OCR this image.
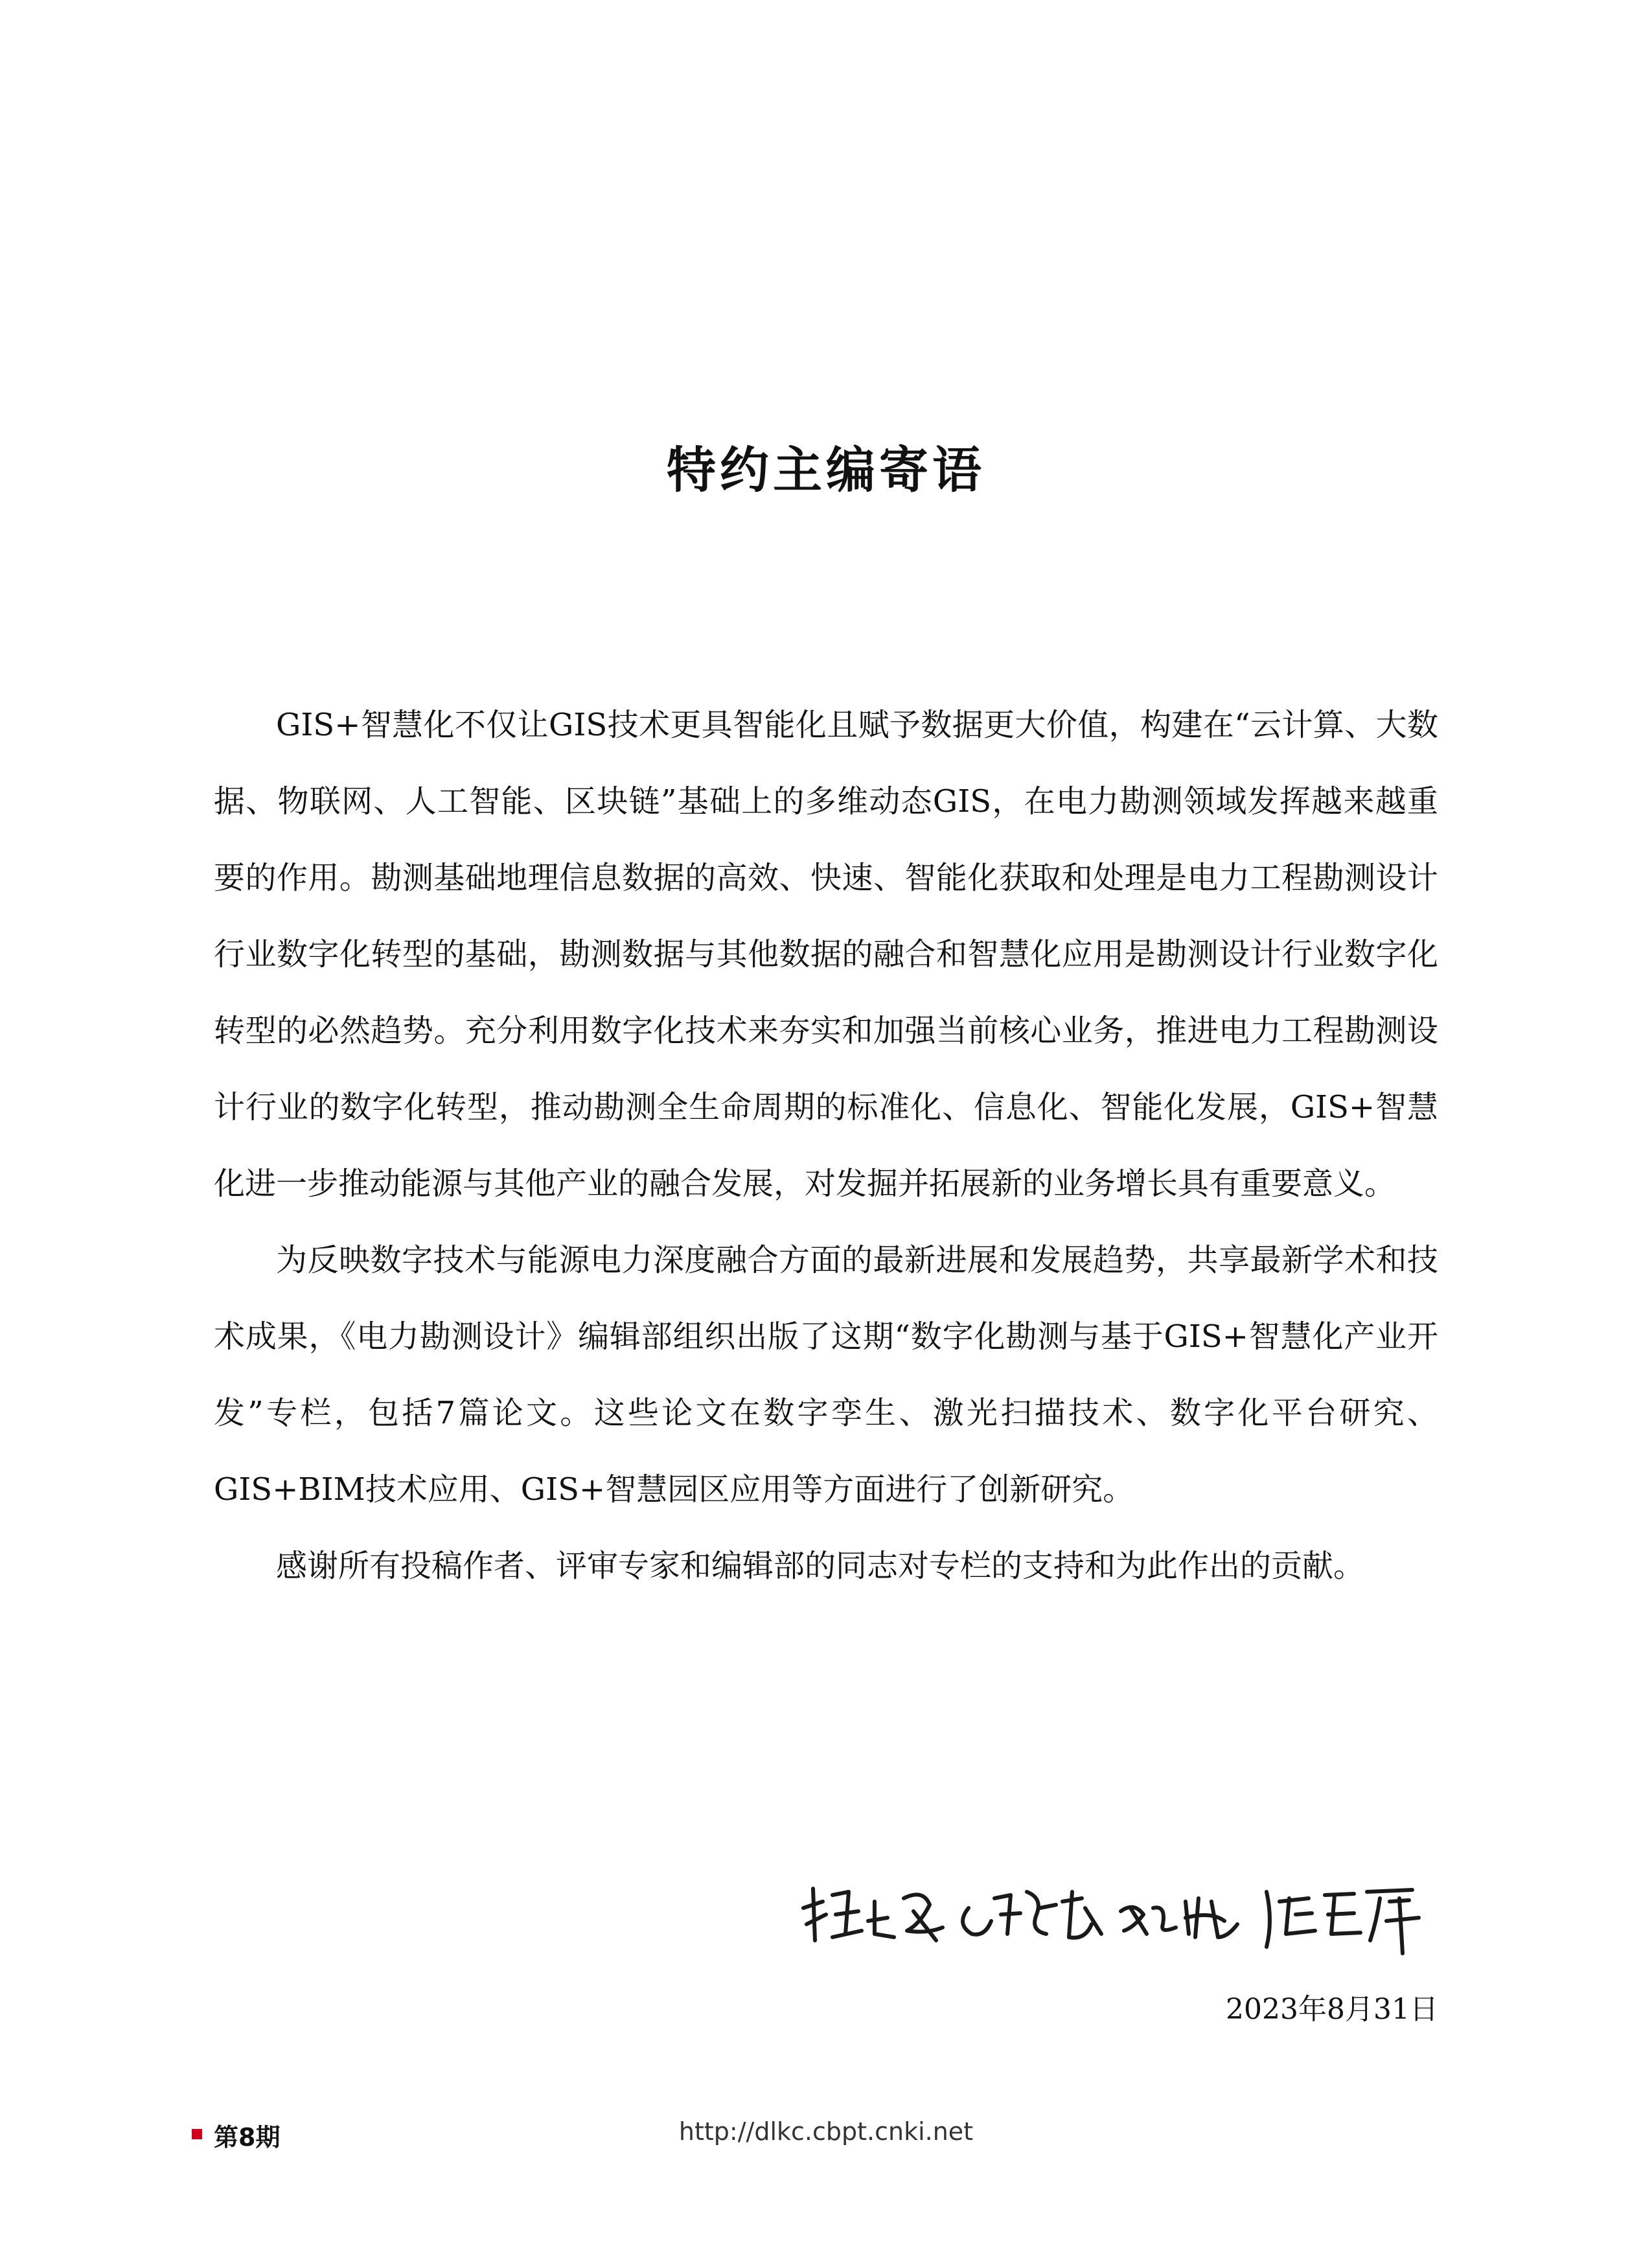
特约主编寄语

GIS+智慧化不仅让GIS技术更具智能化且赋予数据更大价值，构建在“云计算、大数据、物联网、人工智能、区块链”基础上的多维动态GIS，在电力勘测领域发挥越来越重要的作用。勘测基础地理信息数据的高效、快速、智能化获取和处理是电力工程勘测设计行业数字化转型的基础，勘测数据与其他数据的融合和智慧化应用是勘测设计行业数字化转型的必然趋势。充分利用数字化技术来夯实和加强当前核心业务，推进电力工程勘测设计行业的数字化转型，推动勘测全生命周期的标准化、信息化、智能化发展，GIS+智慧化进一步推动能源与其他产业的融合发展，对发掘并拓展新的业务增长具有重要意义。

为反映数字技术与能源电力深度融合方面的最新进展和发展趋势，共享最新学术和技术成果，《电力勘测设计》编辑部组织出版了这期“数字化勘测与基于GIS+智慧化产业开发”专栏，包括7篇论文。这些论文在数字孪生、激光扫描技术、数字化平台研究、GIS+BIM技术应用、GIS+智慧园区应用等方面进行了创新研究。

感谢所有投稿作者、评审专家和编辑部的同志对专栏的支持和为此作出的贡献。

2023年8月31日
第8期	http://dlkc.cbpt.cnki.net
